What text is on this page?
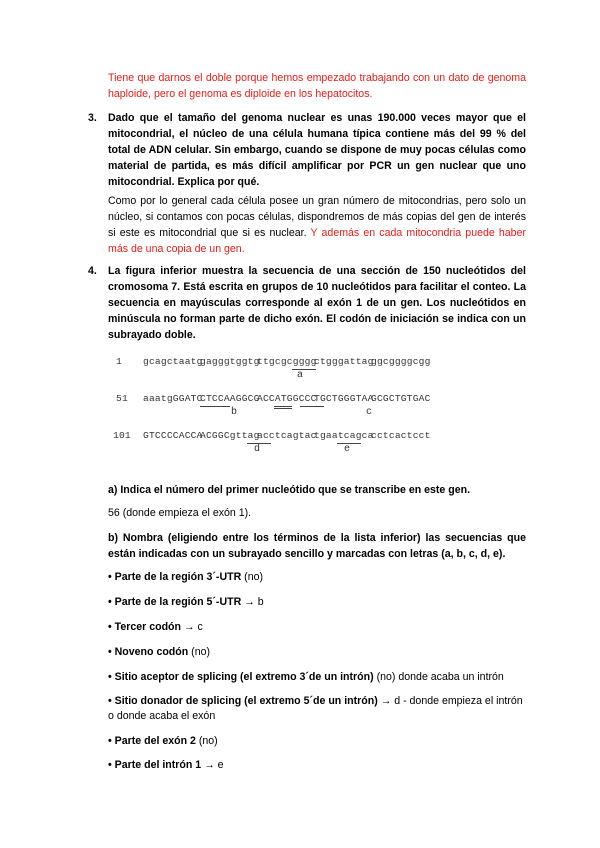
Tiene que darnos el doble porque hemos empezado trabajando con un dato de genoma haploide, pero el genoma es diploide en los hepatocitos.
3. Dado que el tamaño del genoma nuclear es unas 190.000 veces mayor que el mitocondrial, el núcleo de una célula humana típica contiene más del 99 % del total de ADN celular. Sin embargo, cuando se dispone de muy pocas células como material de partida, es más difícil amplificar por PCR un gen nuclear que uno mitocondrial. Explica por qué.
Como por lo general cada célula posee un gran número de mitocondrias, pero solo un núcleo, si contamos con pocas células, dispondremos de más copias del gen de interés si este es mitocondrial que si es nuclear. Y además en cada mitocondria puede haber más de una copia de un gen.
4. La figura inferior muestra la secuencia de una sección de 150 nucleótidos del cromosoma 7. Está escrita en grupos de 10 nucleótidos para facilitar el conteo. La secuencia en mayúsculas corresponde al exón 1 de un gen. Los nucleótidos en minúscula no forman parte de dicho exón. El codón de iniciación se indica con un subrayado doble.
1 gcagctaatg
gagggtggtg
ttgcgcgggg
ctgggattag
ggcggggcgg
a
51 aaatgGGATC
CTCCAAGGCG
ACCATGGCCC
TGCTGGGTAA
GCGCTGTGAC
b	c
101 GTCCCCACCA
ACGGCgttag
acctcagtac
tgaatcagca
cctcactcct
d	e
a) Indica el número del primer nucleótido que se transcribe en este gen.
56 (donde empieza el exón 1).
b) Nombra (eligiendo entre los términos de la lista inferior) las secuencias que están indicadas con un subrayado sencillo y marcadas con letras (a, b, c, d, e).
• Parte de la región 3´-UTR (no)
• Parte de la región 5´-UTR → b
• Tercer codón → c
• Noveno codón (no)
• Sitio aceptor de splicing (el extremo 3´de un intrón) (no) donde acaba un intrón
• Sitio donador de splicing (el extremo 5´de un intrón) → d - donde empieza el intrón o donde acaba el exón
• Parte del exón 2 (no)
• Parte del intrón 1 → e
